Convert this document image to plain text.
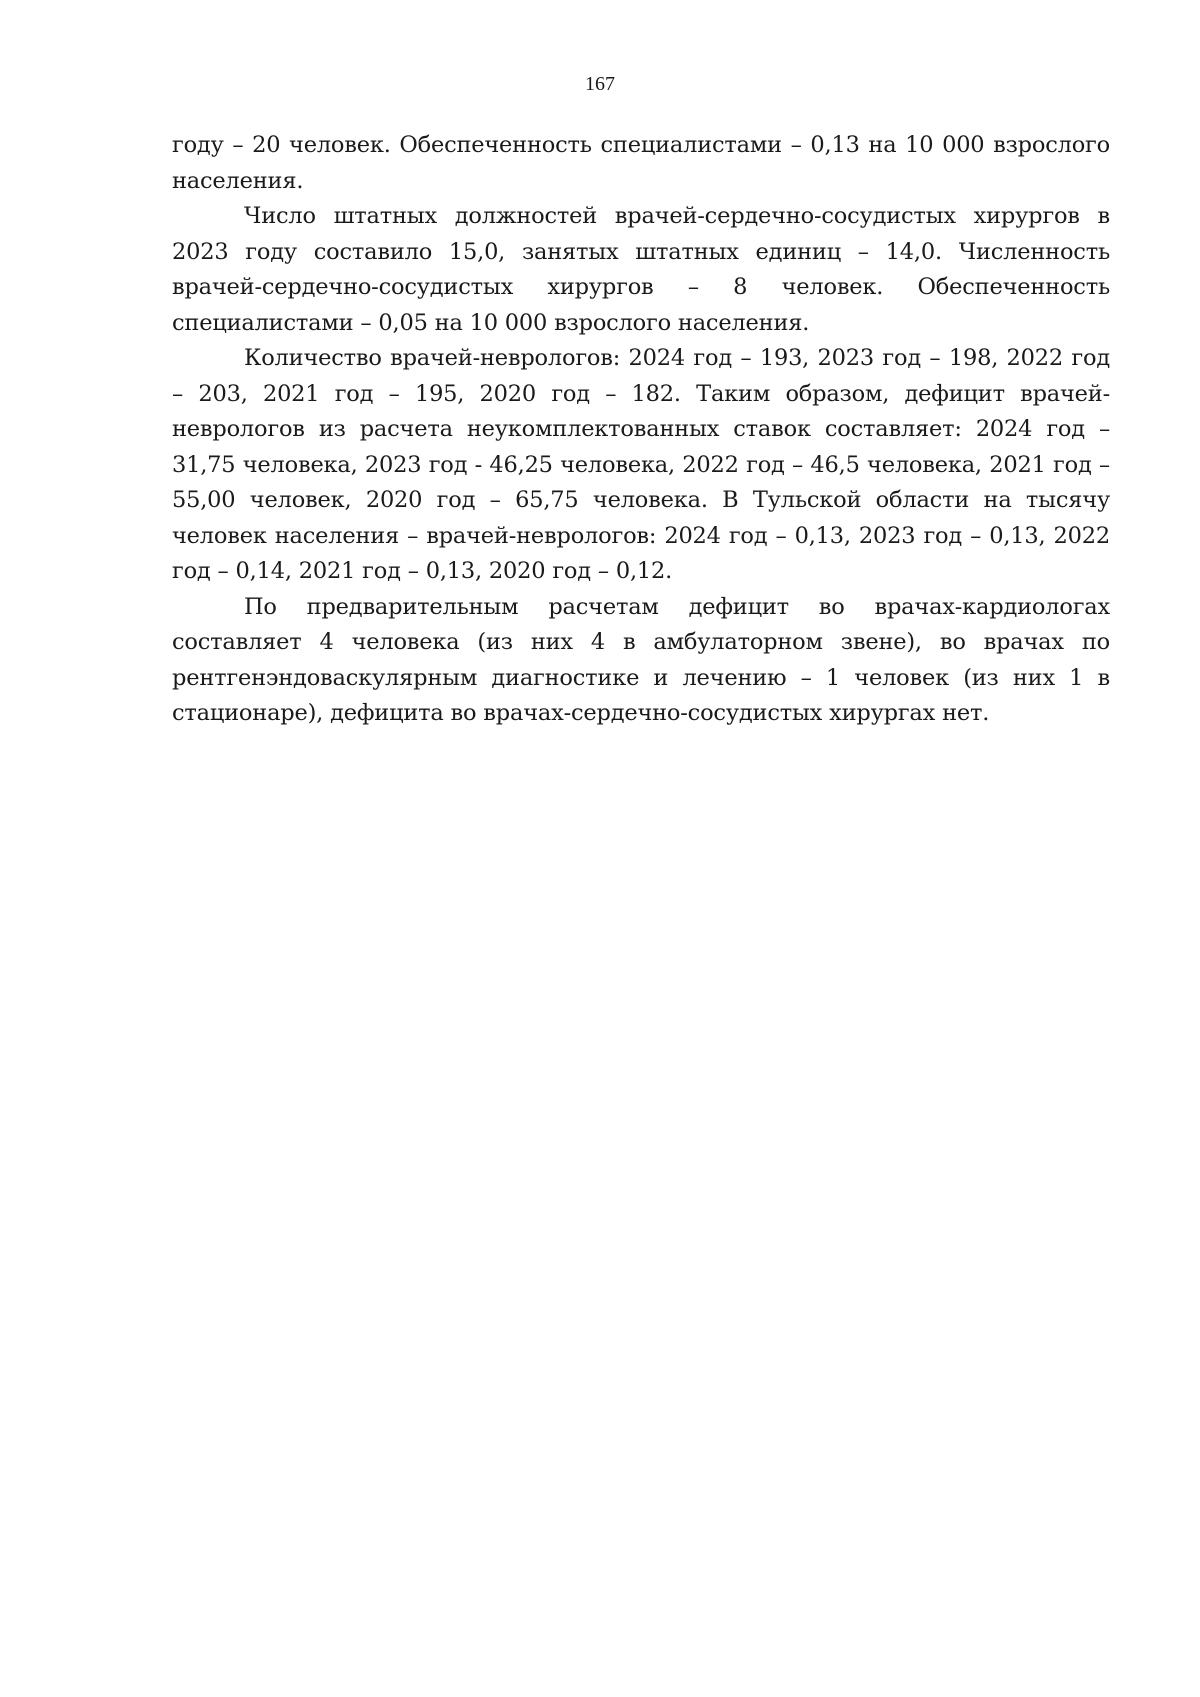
167

году – 20 человек. Обеспеченность специалистами – 0,13 на 10 000 взрослого населения.

Число штатных должностей врачей-сердечно-сосудистых хирургов в 2023 году составило 15,0, занятых штатных единиц – 14,0. Численность врачей-сердечно-сосудистых хирургов – 8 человек. Обеспеченность специалистами – 0,05 на 10 000 взрослого населения.

Количество врачей-неврологов: 2024 год – 193, 2023 год – 198, 2022 год – 203, 2021 год – 195, 2020 год – 182. Таким образом, дефицит врачей-неврологов из расчета неукомплектованных ставок составляет: 2024 год – 31,75 человека, 2023 год - 46,25 человека, 2022 год – 46,5 человека, 2021 год – 55,00 человек, 2020 год – 65,75 человека. В Тульской области на тысячу человек населения – врачей-неврологов: 2024 год – 0,13, 2023 год – 0,13, 2022 год – 0,14, 2021 год – 0,13, 2020 год – 0,12.

По предварительным расчетам дефицит во врачах-кардиологах составляет 4 человека (из них 4 в амбулаторном звене), во врачах по рентгенэндоваскулярным диагностике и лечению – 1 человек (из них 1 в стационаре), дефицита во врачах-сердечно-сосудистых хирургах нет.
